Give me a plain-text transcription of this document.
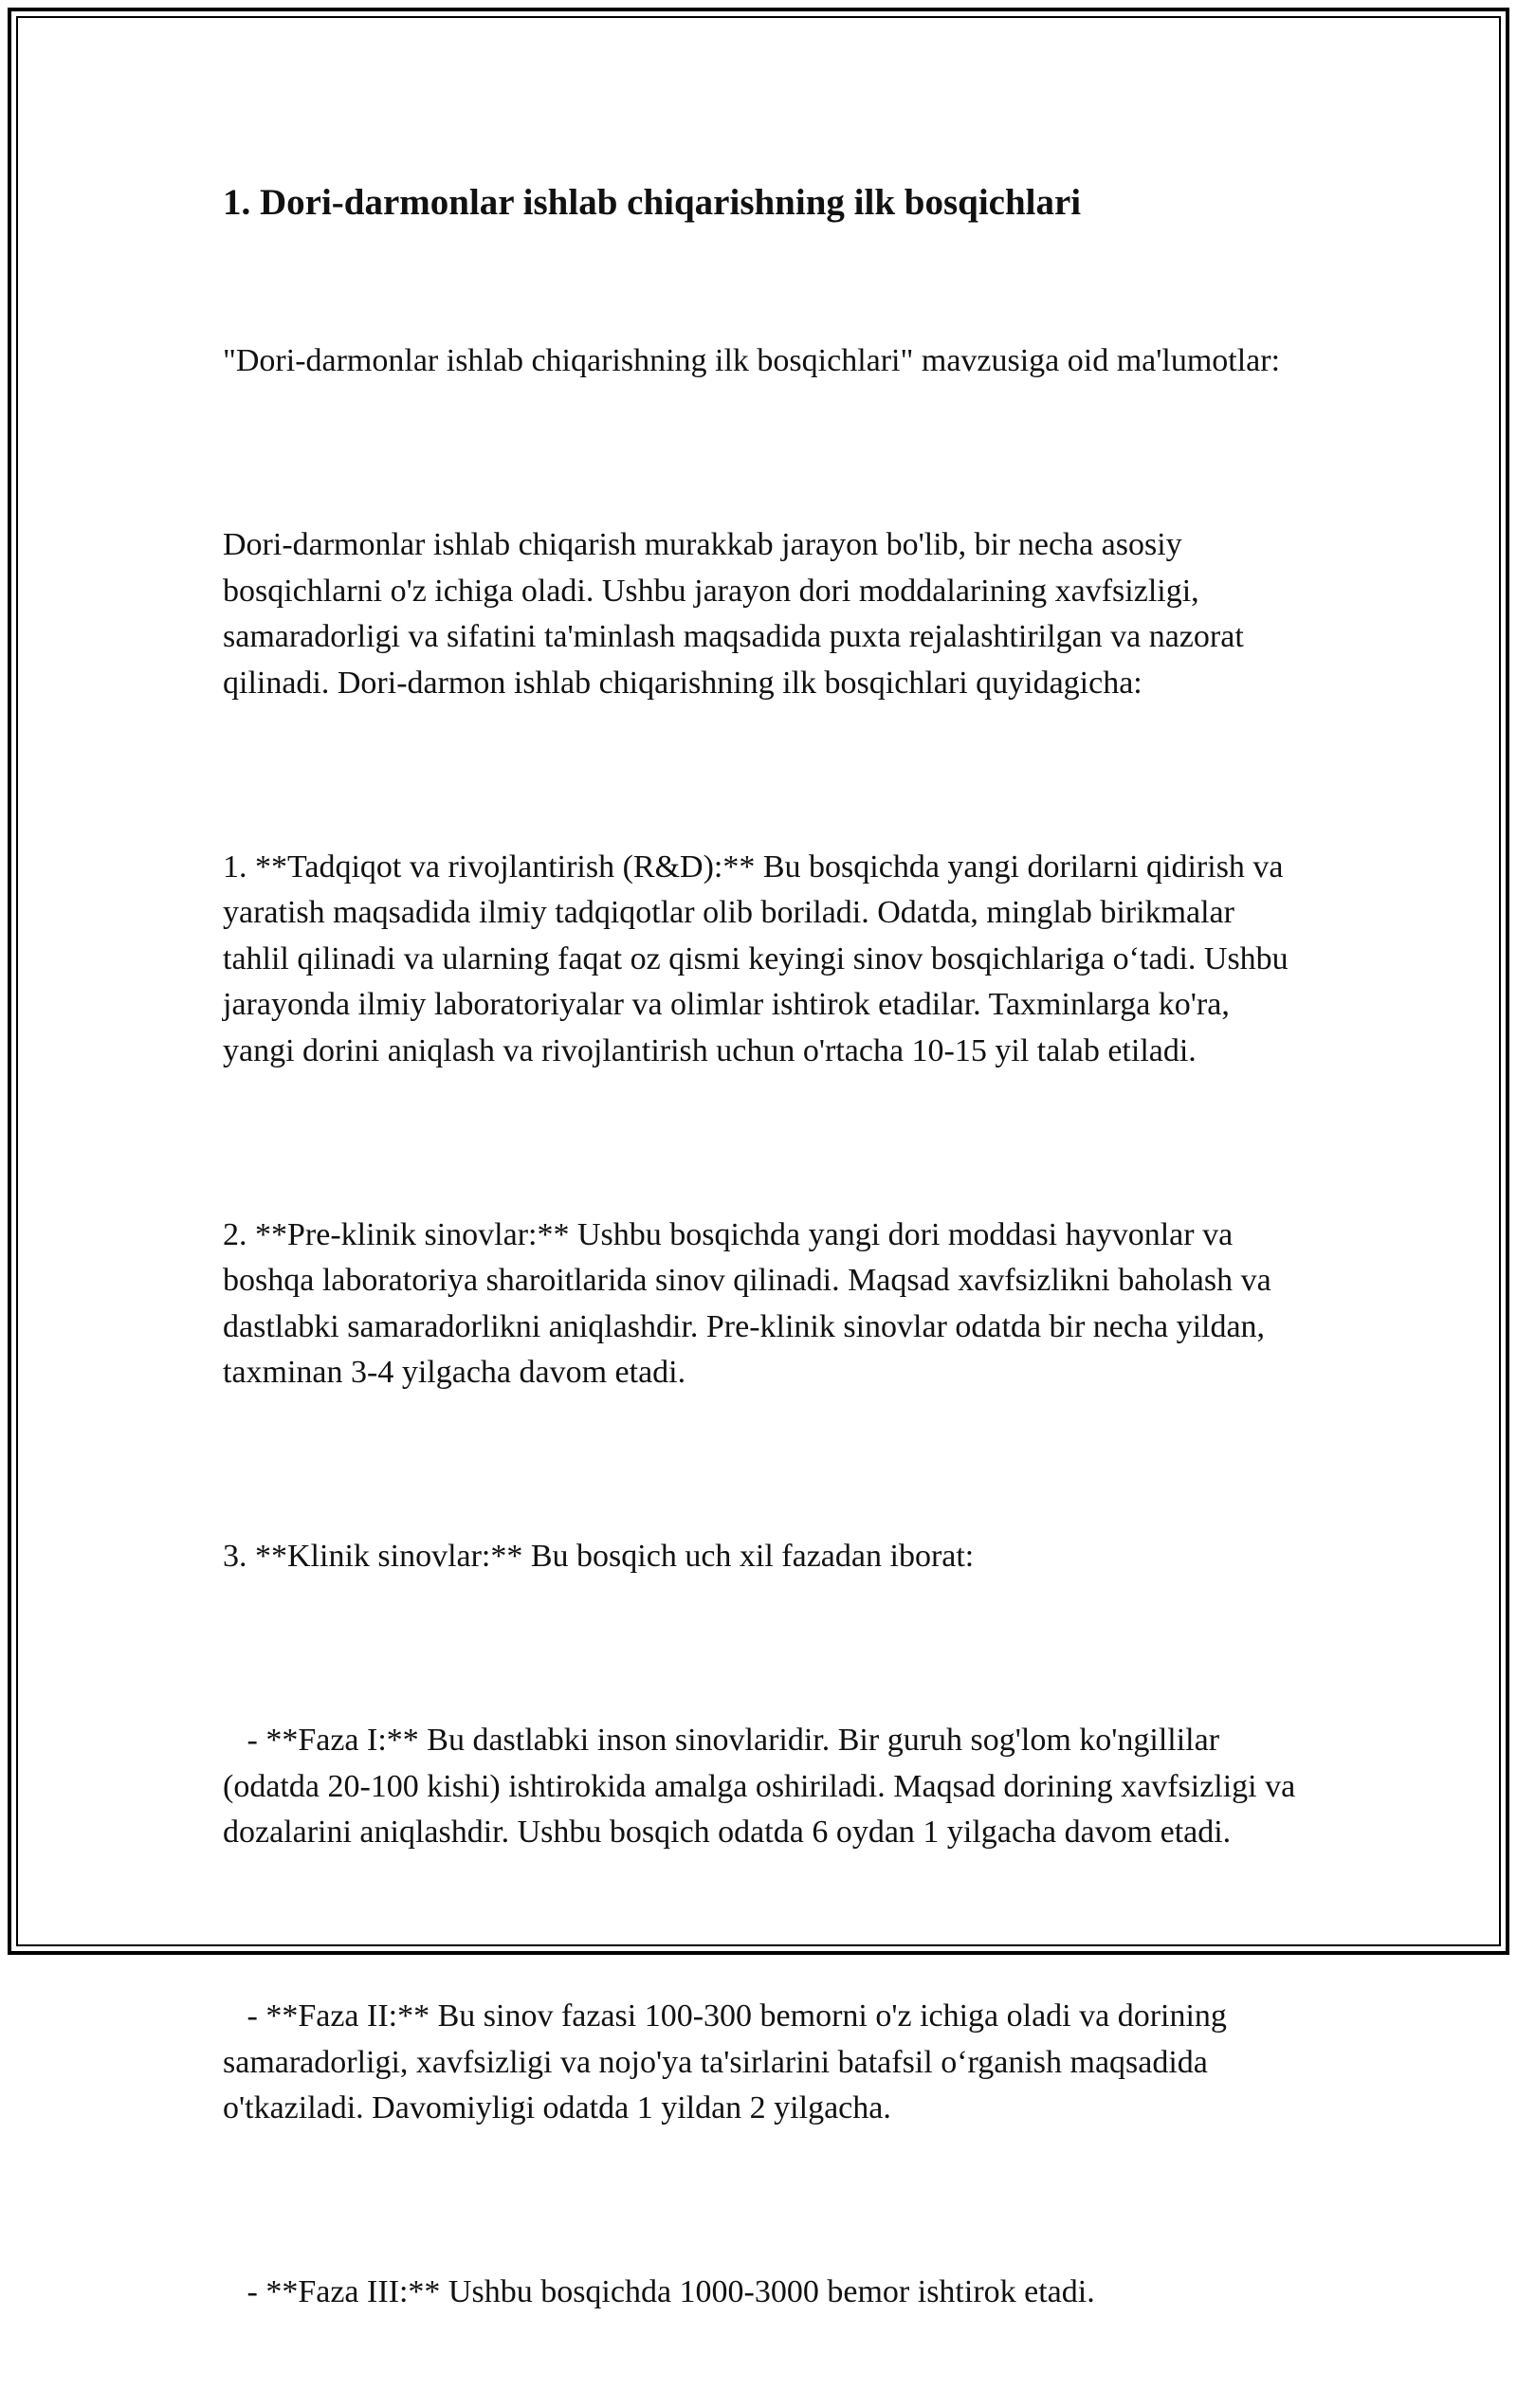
1. Dori-darmonlar ishlab chiqarishning ilk bosqichlari

"Dori-darmonlar ishlab chiqarishning ilk bosqichlari" mavzusiga oid ma'lumotlar:

Dori-darmonlar ishlab chiqarish murakkab jarayon bo'lib, bir necha asosiy bosqichlarni o'z ichiga oladi. Ushbu jarayon dori moddalarining xavfsizligi, samaradorligi va sifatini ta'minlash maqsadida puxta rejalashtirilgan va nazorat qilinadi. Dori-darmon ishlab chiqarishning ilk bosqichlari quyidagicha:

1. **Tadqiqot va rivojlantirish (R&D):** Bu bosqichda yangi dorilarni qidirish va yaratish maqsadida ilmiy tadqiqotlar olib boriladi. Odatda, minglab birikmalar tahlil qilinadi va ularning faqat oz qismi keyingi sinov bosqichlariga o‘tadi. Ushbu jarayonda ilmiy laboratoriyalar va olimlar ishtirok etadilar. Taxminlarga ko'ra, yangi dorini aniqlash va rivojlantirish uchun o'rtacha 10-15 yil talab etiladi.

2. **Pre-klinik sinovlar:** Ushbu bosqichda yangi dori moddasi hayvonlar va boshqa laboratoriya sharoitlarida sinov qilinadi. Maqsad xavfsizlikni baholash va dastlabki samaradorlikni aniqlashdir. Pre-klinik sinovlar odatda bir necha yildan, taxminan 3-4 yilgacha davom etadi.

3. **Klinik sinovlar:** Bu bosqich uch xil fazadan iborat:

- **Faza I:** Bu dastlabki inson sinovlaridir. Bir guruh sog'lom ko'ngillilar (odatda 20-100 kishi) ishtirokida amalga oshiriladi. Maqsad dorining xavfsizligi va dozalarini aniqlashdir. Ushbu bosqich odatda 6 oydan 1 yilgacha davom etadi.

- **Faza II:** Bu sinov fazasi 100-300 bemorni o'z ichiga oladi va dorining samaradorligi, xavfsizligi va nojo'ya ta'sirlarini batafsil o‘rganish maqsadida o'tkaziladi. Davomiyligi odatda 1 yildan 2 yilgacha.

- **Faza III:** Ushbu bosqichda 1000-3000 bemor ishtirok etadi.
